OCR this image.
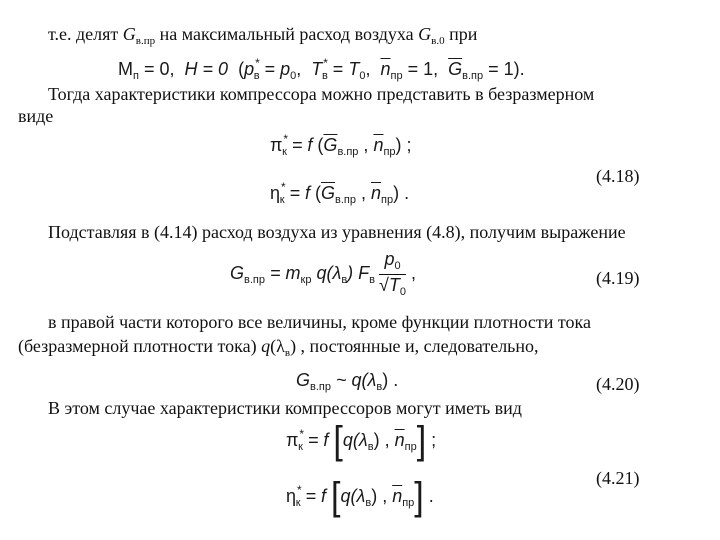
т.е. делят $G_{в.пр}$ на максимальный расход воздуха $G_{в.0}$ при
$M_п = 0$, H = 0 ($p^*_в = p_0$, $T^*_в = T_0$, $\overline{n}_{пр} = 1$, $\overline{G}_{в.пр} = 1$).
Тогда характеристики компрессора можно представить в безразмерном
виде
$\pi^*_к = f$ ($\overline{G}_{в.пр}$ , $\overline{n}_{пр}$) ;
(4.18)
$\eta^*_к = f$ ($\overline{G}_{в.пр}$ , $\overline{n}_{пр}$) .
Подставляя в (4.14) расход воздуха из уравнения (4.8), получим выражение
$G_{в.пр} = m_{кр}$ $q(\lambda_в)$ $F_в \frac{p_0}{√T_0}$ ,	(4.19)
в правой части которого все величины, кроме функции плотности тока
(безразмерной плотности тока) $q(\lambda_в)$ , постоянные и, следовательно,
$G_{в.пр}$ ~ $q(\lambda_в)$ .	(4.20)
В этом случае характеристики компрессоров могут иметь вид
$\pi^*_к = f$ [$q(\lambda_в)$ , $\overline{n}_{пр}$] ;
(4.21)
$\eta^*_к = f$ [$q(\lambda_в)$ , $\overline{n}_{пр}$] .
